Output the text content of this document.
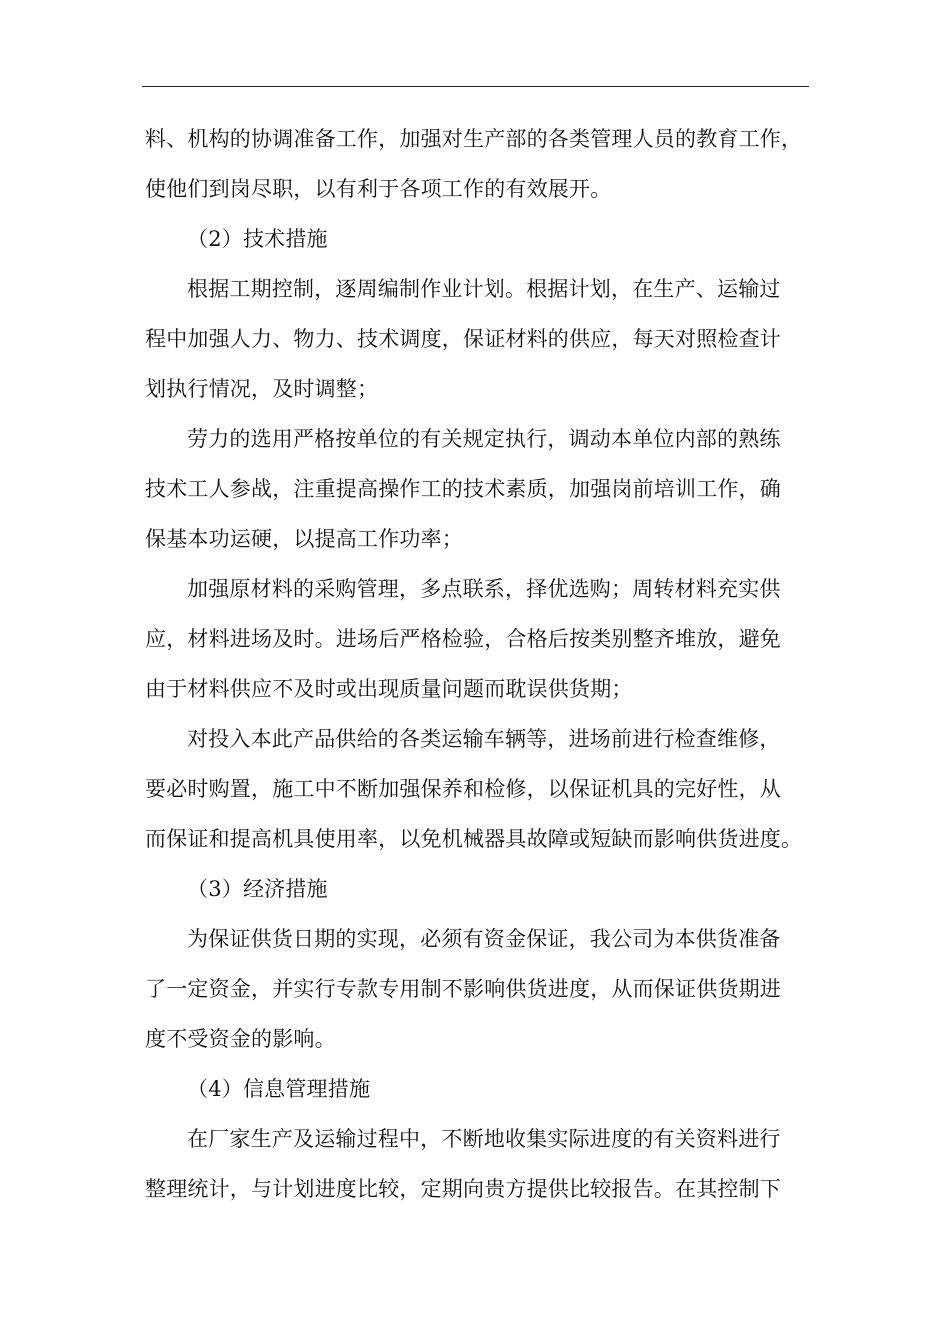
料、机构的协调准备工作，加强对生产部的各类管理人员的教育工作，
使他们到岗尽职，以有利于各项工作的有效展开。
（2）技术措施
根据工期控制，逐周编制作业计划。根据计划，在生产、运输过
程中加强人力、物力、技术调度，保证材料的供应，每天对照检查计
划执行情况，及时调整；
劳力的选用严格按单位的有关规定执行，调动本单位内部的熟练
技术工人参战，注重提高操作工的技术素质，加强岗前培训工作，确
保基本功运硬，以提高工作功率；
加强原材料的采购管理，多点联系，择优选购；周转材料充实供
应，材料进场及时。进场后严格检验，合格后按类别整齐堆放，避免
由于材料供应不及时或出现质量问题而耽误供货期；
对投入本此产品供给的各类运输车辆等，进场前进行检查维修，
要必时购置，施工中不断加强保养和检修，以保证机具的完好性，从
而保证和提高机具使用率，以免机械器具故障或短缺而影响供货进度。
（3）经济措施
为保证供货日期的实现，必须有资金保证，我公司为本供货准备
了一定资金，并实行专款专用制不影响供货进度，从而保证供货期进
度不受资金的影响。
（4）信息管理措施
在厂家生产及运输过程中，不断地收集实际进度的有关资料进行
整理统计，与计划进度比较，定期向贵方提供比较报告。在其控制下
